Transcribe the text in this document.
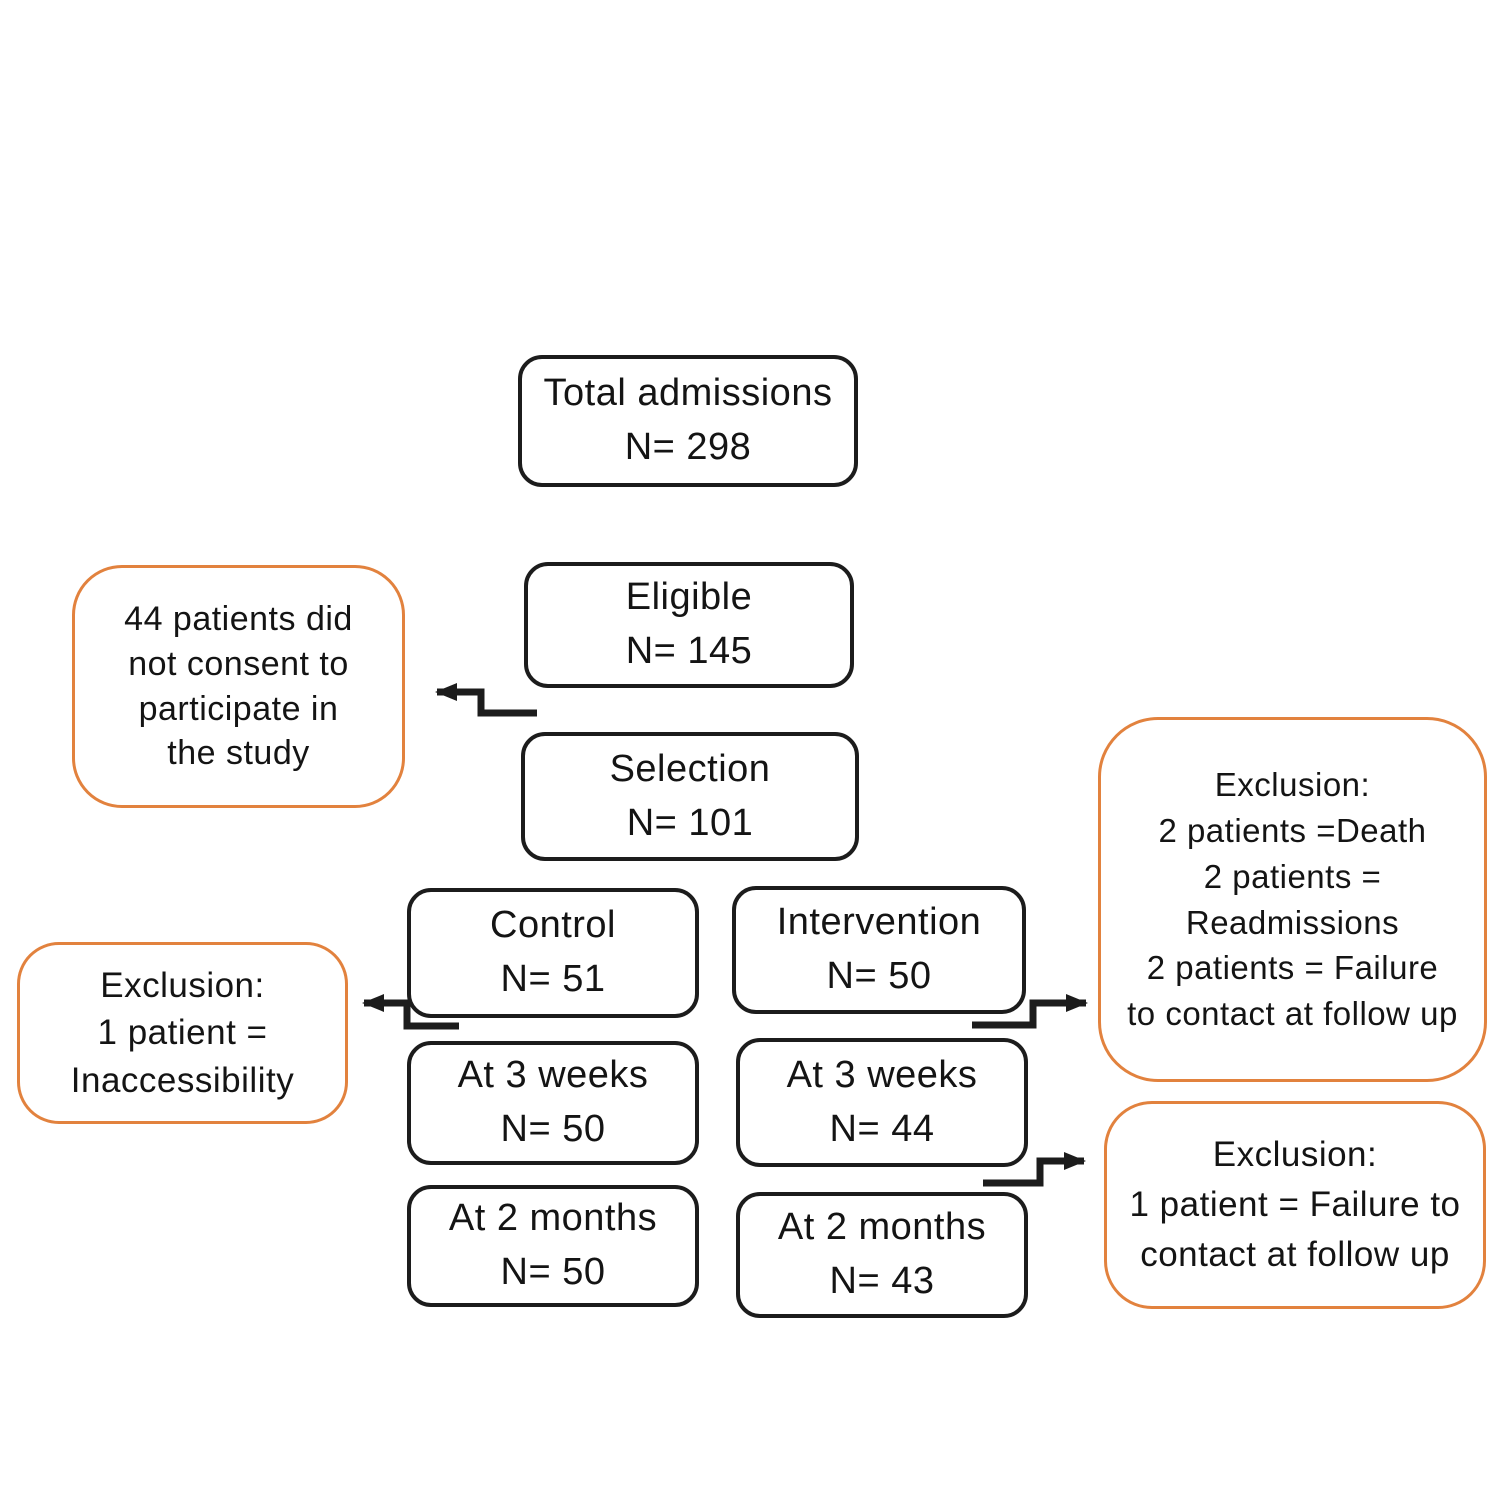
Total admissions
N= 298
Eligible
N= 145
Selection
N= 101
Control
N= 51
Intervention
N= 50
At 3 weeks
N= 50
At 3 weeks
N= 44
At 2 months
N= 50
At 2 months
N= 43
44 patients did
not consent to
participate in
the study
Exclusion:
1 patient =
Inaccessibility
Exclusion:
2 patients =Death
2 patients =
Readmissions
2 patients = Failure
to contact at follow up
Exclusion:
1 patient = Failure to
contact at follow up
